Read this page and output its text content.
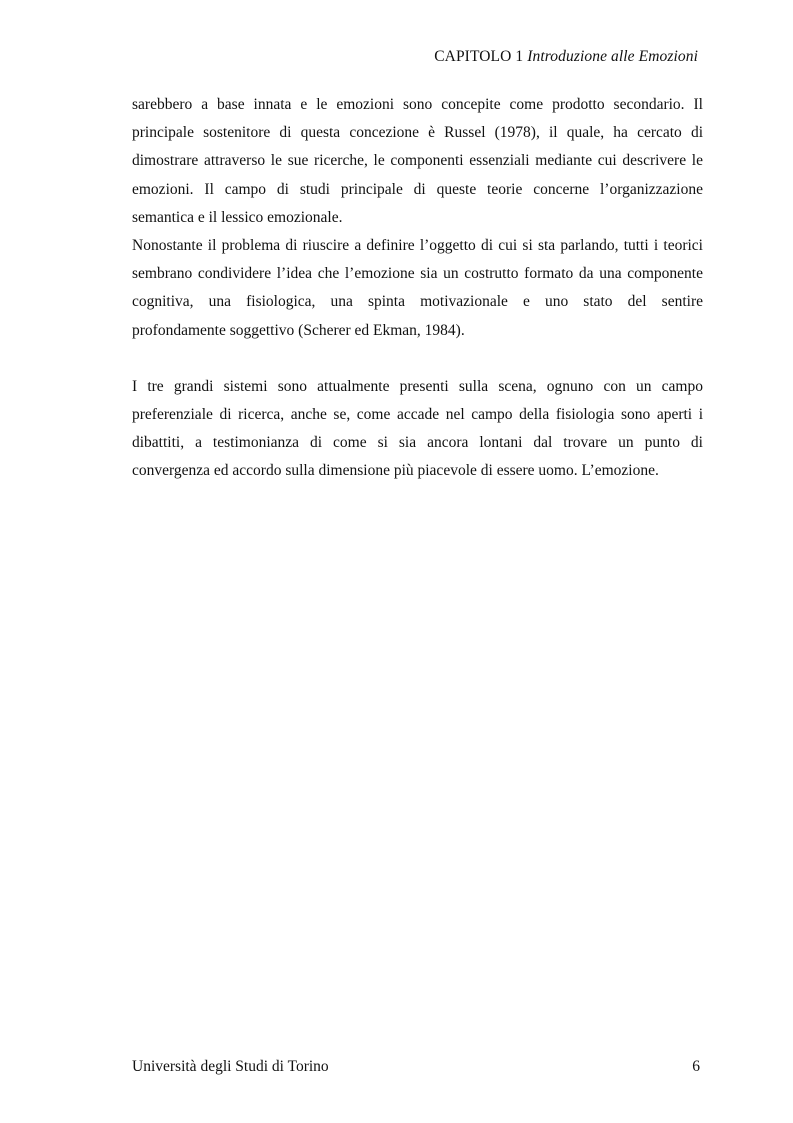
CAPITOLO 1 Introduzione alle Emozioni
sarebbero a base innata e le emozioni sono concepite come prodotto secondario. Il
principale sostenitore di questa concezione è Russel (1978), il quale, ha cercato di
dimostrare attraverso le sue ricerche, le componenti essenziali mediante cui descrivere le
emozioni. Il campo di studi principale di queste teorie concerne l’organizzazione
semantica e il lessico emozionale.
Nonostante il problema di riuscire a definire l’oggetto di cui si sta parlando, tutti i teorici
sembrano condividere l’idea che l’emozione sia un costrutto formato da una componente
cognitiva, una fisiologica, una spinta motivazionale e uno stato del sentire
profondamente soggettivo (Scherer ed Ekman, 1984).
I tre grandi sistemi sono attualmente presenti sulla scena, ognuno con un campo
preferenziale di ricerca, anche se, come accade nel campo della fisiologia sono aperti i
dibattiti, a testimonianza di come si sia ancora lontani dal trovare un punto di
convergenza ed accordo sulla dimensione più piacevole di essere uomo. L’emozione.
Università degli Studi di Torino	6
